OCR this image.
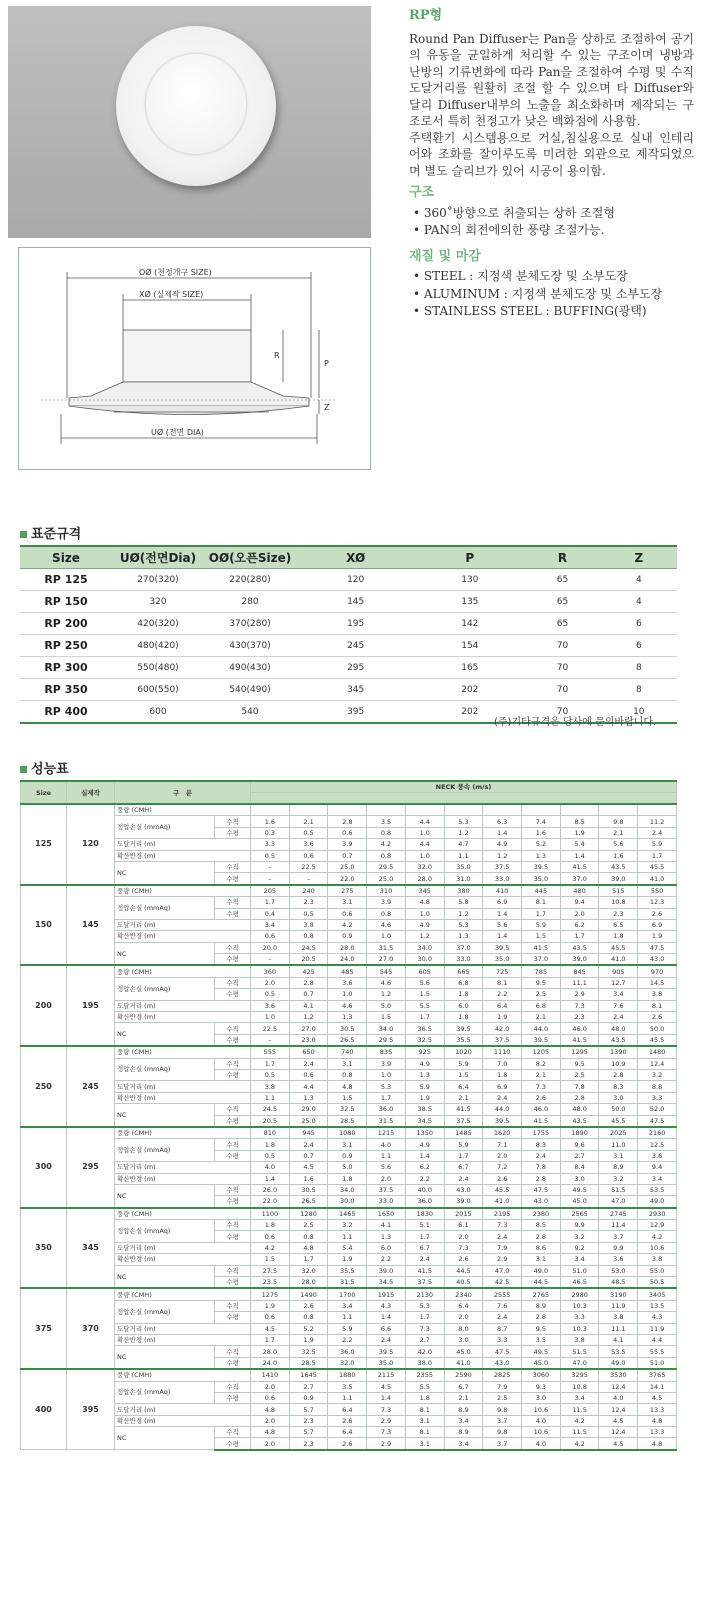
OØ (천정개구 SIZE)
XØ (실제작 SIZE)
UØ (전면 DIA)
R
P
Z
RP형

Round Pan Diffuser는 Pan을 상하로 조절하여 공기의 유동을 균일하게 처리할 수 있는 구조이며 냉방과 난방의 기류변화에 따라 Pan을 조절하여 수평 및 수직 도달거리를 원활히 조절 할 수 있으며 타 Diffuser와 달리 Diffuser내부의 노출을 최소화하며 제작되는 구조로서 특히 천정고가 낮은 백화점에 사용함.

주택환기 시스템용으로 거실,침실용으로 실내 인테리어와 조화를 잘이루도록 미려한 외관으로 제작되었으며 별도 슬리브가 있어 시공이 용이함.

구조
• 360˚방향으로 취출되는 상하 조절형
• PAN의 회전에의한 풍량 조절가능.
재질 및 마감
• STEEL : 지정색 분체도장 및 소부도장
• ALUMINUM : 지정색 분체도장 및 소부도장
• STAINLESS STEEL : BUFFING(광택)
표준규격
Size	UØ(전면Dia)	OØ(오픈Size)	XØ	P	R	Z
RP 125	270(320)	220(280)	120	130	65	4
RP 150	320	280	145	135	65	4
RP 200	420(320)	370(280)	195	142	65	6
RP 250	480(420)	430(370)	245	154	70	6
RP 300	550(480)	490(430)	295	165	70	8
RP 350	600(550)	540(490)	345	202	70	8
RP 400	600	540	395	202	70	10
(주)기타규격은 당사에 문의바랍니다.
성능표
Size	실제작	구　분		NECK 풍속 (m/s)										

125	120	풍량 (CMH)												
		정압손실 (mmAq)	수직	1.6	2.1	2.8	3.5	4.4	5.3	6.3	7.4	8.5	9.8	11.2
			수평	0.3	0.5	0.6	0.8	1.0	1.2	1.4	1.6	1.9	2.1	2.4
		도달거리 (m)		3.3	3.6	3.9	4.2	4.4	4.7	4.9	5.2	5.4	5.6	5.9
		확산반경 (m)		0.5	0.6	0.7	0.8	1.0	1.1	1.2	1.3	1.4	1.6	1.7
		NC	수직	–	22.5	25.0	29.5	32.0	35.0	37.5	39.5	41.5	43.5	45.5
			수평	–	–	22.0	25.0	28.0	31.0	33.0	35.0	37.0	39.0	41.0
150	145	풍량 (CMH)		205	240	275	310	345	380	410	445	480	515	550
		정압손실 (mmAq)	수직	1.7	2.3	3.1	3.9	4.8	5.8	6.9	8.1	9.4	10.8	12.3
			수평	0.4	0.5	0.6	0.8	1.0	1.2	1.4	1.7	2.0	2.3	2.6
		도달거리 (m)		3.4	3.8	4.2	4.6	4.9	5.3	5.6	5.9	6.2	6.5	6.9
		확산반경 (m)		0.6	0.8	0.9	1.0	1.2	1.3	1.4	1.5	1.7	1.8	1.9
		NC	수직	20.0	24.5	28.0	31.5	34.0	37.0	39.5	41.5	43.5	45.5	47.5
			수평	–	20.5	24.0	27.0	30.0	33.0	35.0	37.0	39.0	41.0	43.0
200	195	풍량 (CMH)		360	425	485	545	605	665	725	785	845	905	970
		정압손실 (mmAq)	수직	2.0	2.8	3.6	4.6	5.6	6.8	8.1	9.5	11.1	12.7	14.5
			수평	0.5	0.7	1.0	1.2	1.5	1.8	2.2	2.5	2.9	3.4	3.8
		도달거리 (m)		3.6	4.1	4.6	5.0	5.5	6.0	6.4	6.8	7.3	7.6	8.1
		확산반경 (m)		1.0	1.2	1.3	1.5	1.7	1.8	1.9	2.1	2.3	2.4	2.6
		NC	수직	22.5	27.0	30.5	34.0	36.5	39.5	42.0	44.0	46.0	48.0	50.0
			수평	–	23.0	26.5	29.5	32.5	35.5	37.5	39.5	41.5	43.5	45.5
250	245	풍량 (CMH)		555	650	740	835	925	1020	1110	1205	1295	1390	1480
		정압손실 (mmAq)	수직	1.7	2.4	3.1	3.9	4.9	5.9	7.0	8.2	9.5	10.9	12.4
			수평	0.5	0.6	0.8	1.0	1.3	1.5	1.8	2.1	2.5	2.8	3.2
		도달거리 (m)		3.8	4.4	4.8	5.3	5.9	6.4	6.9	7.3	7.8	8.3	8.8
		확산반경 (m)		1.1	1.3	1.5	1.7	1.9	2.1	2.4	2.6	2.8	3.0	3.3
		NC	수직	24.5	29.0	32.5	36.0	38.5	41.5	44.0	46.0	48.0	50.0	52.0
			수평	20.5	25.0	28.5	31.5	34.5	37.5	39.5	41.5	43.5	45.5	47.5
300	295	풍량 (CMH)		810	945	1080	1215	1350	1485	1620	1755	1890	2025	2160
		정압손실 (mmAq)	수직	1.8	2.4	3.1	4.0	4.9	5.9	7.1	8.3	9.6	11.0	12.5
			수평	0.5	0.7	0.9	1.1	1.4	1.7	2.0	2.4	2.7	3.1	3.6
		도달거리 (m)		4.0	4.5	5.0	5.6	6.2	6.7	7.2	7.8	8.4	8.9	9.4
		확산반경 (m)		1.4	1.6	1.8	2.0	2.2	2.4	2.6	2.8	3.0	3.2	3.4
		NC	수직	26.0	30.5	34.0	37.5	40.0	43.0	45.5	47.5	49.5	51.5	53.5
			수평	22.0	26.5	30.0	33.0	36.0	39.0	41.0	43.0	45.0	47.0	49.0
350	345	풍량 (CMH)		1100	1280	1465	1650	1830	2015	2195	2380	2565	2745	2930
		정압손실 (mmAq)	수직	1.8	2.5	3.2	4.1	5.1	6.1	7.3	8.5	9.9	11.4	12.9
			수평	0.6	0.8	1.1	1.3	1.7	2.0	2.4	2.8	3.2	3.7	4.2
		도달거리 (m)		4.2	4.8	5.4	6.0	6.7	7.3	7.9	8.6	9.2	9.9	10.6
		확산반경 (m)		1.5	1.7	1.9	2.2	2.4	2.6	2.9	3.1	3.4	3.6	3.8
		NC	수직	27.5	32.0	35.5	39.0	41.5	44.5	47.0	49.0	51.0	53.0	55.0
			수평	23.5	28.0	31.5	34.5	37.5	40.5	42.5	44.5	46.5	48.5	50.5
375	370	풍량 (CMH)		1275	1490	1700	1915	2130	2340	2555	2765	2980	3190	3405
		정압손실 (mmAq)	수직	1.9	2.6	3.4	4.3	5.3	6.4	7.6	8.9	10.3	11.9	13.5
			수평	0.6	0.8	1.1	1.4	1.7	2.0	2.4	2.8	3.3	3.8	4.3
		도달거리 (m)		4.5	5.2	5.9	6.6	7.3	8.0	8.7	9.5	10.3	11.1	11.9
		확산반경 (m)		1.7	1.9	2.2	2.4	2.7	3.0	3.3	3.5	3.8	4.1	4.4
		NC	수직	28.0	32.5	36.0	39.5	42.0	45.0	47.5	49.5	51.5	53.5	55.5
			수평	24.0	28.5	32.0	35.0	38.0	41.0	43.0	45.0	47.0	49.0	51.0
400	395	풍량 (CMH)		1410	1645	1880	2115	2355	2590	2825	3060	3295	3530	3765
		정압손실 (mmAq)	수직	2.0	2.7	3.5	4.5	5.5	6.7	7.9	9.3	10.8	12.4	14.1
			수평	0.6	0.9	1.1	1.4	1.8	2.1	2.5	3.0	3.4	4.0	4.5
		도달거리 (m)		4.8	5.7	6.4	7.3	8.1	8.9	9.8	10.6	11.5	12.4	13.3
		확산반경 (m)		2.0	2.3	2.6	2.9	3.1	3.4	3.7	4.0	4.2	4.5	4.8
		NC	수직	4.8	5.7	6.4	7.3	8.1	8.9	9.8	10.6	11.5	12.4	13.3
			수평	2.0	2.3	2.6	2.9	3.1	3.4	3.7	4.0	4.2	4.5	4.8
